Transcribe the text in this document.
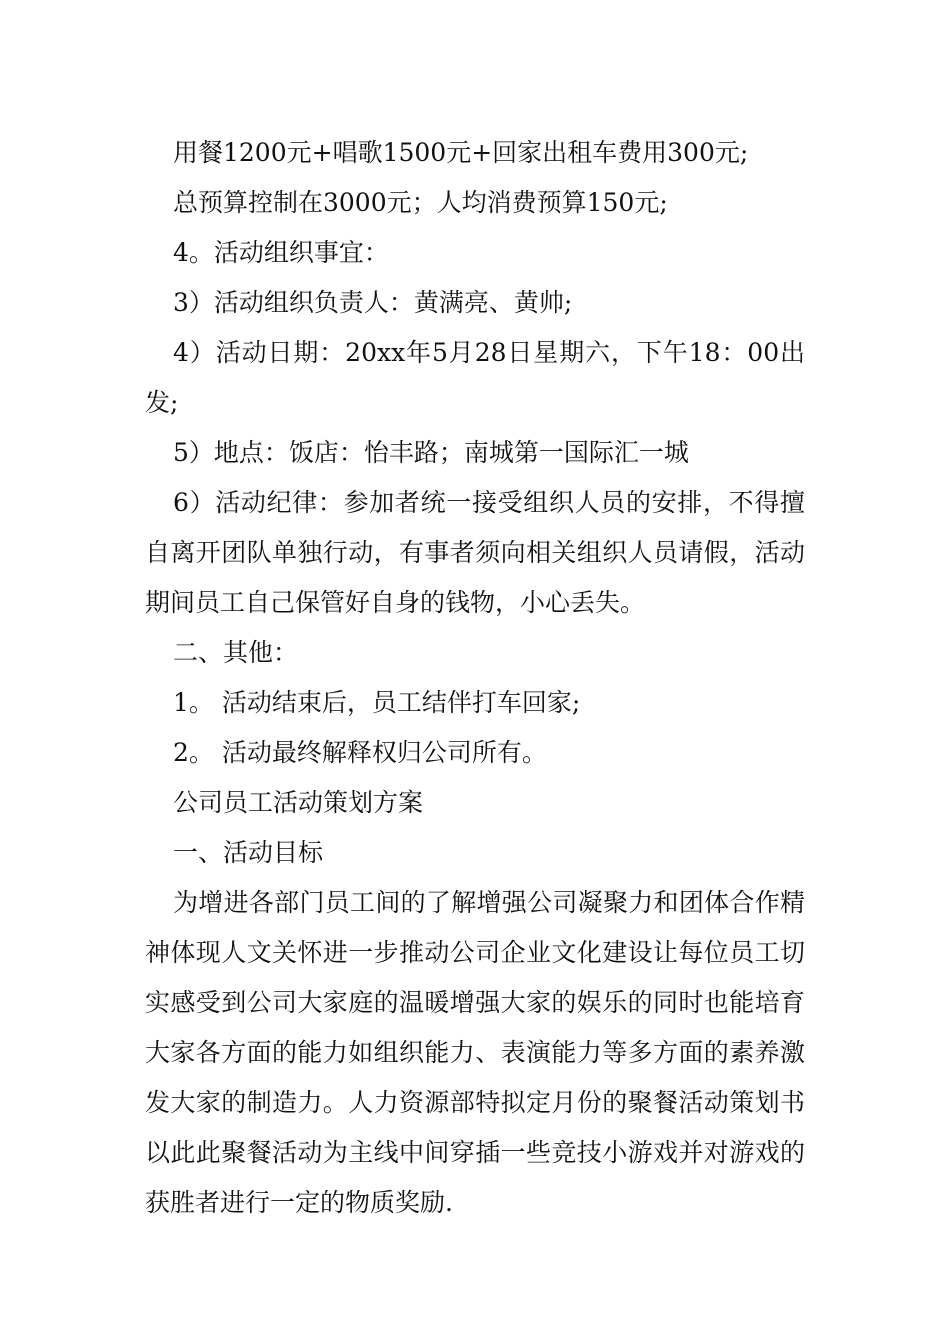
用餐1200元+唱歌1500元+回家出租车费用300元;

总预算控制在3000元；人均消费预算150元;

4。活动组织事宜：

3）活动组织负责人：黄满亮、黄帅;

4）活动日期：20xx年5月28日星期六，下午18：00出发;

5）地点：饭店：怡丰路；南城第一国际汇一城

6）活动纪律：参加者统一接受组织人员的安排，不得擅自离开团队单独行动，有事者须向相关组织人员请假，活动期间员工自己保管好自身的钱物，小心丢失。

二、其他：

1。 活动结束后，员工结伴打车回家;

2。 活动最终解释权归公司所有。

公司员工活动策划方案

一、活动目标

为增进各部门员工间的了解增强公司凝聚力和团体合作精神体现人文关怀进一步推动公司企业文化建设让每位员工切实感受到公司大家庭的温暖增强大家的娱乐的同时也能培育大家各方面的能力如组织能力、表演能力等多方面的素养激发大家的制造力。人力资源部特拟定月份的聚餐活动策划书以此此聚餐活动为主线中间穿插一些竞技小游戏并对游戏的获胜者进行一定的物质奖励.
